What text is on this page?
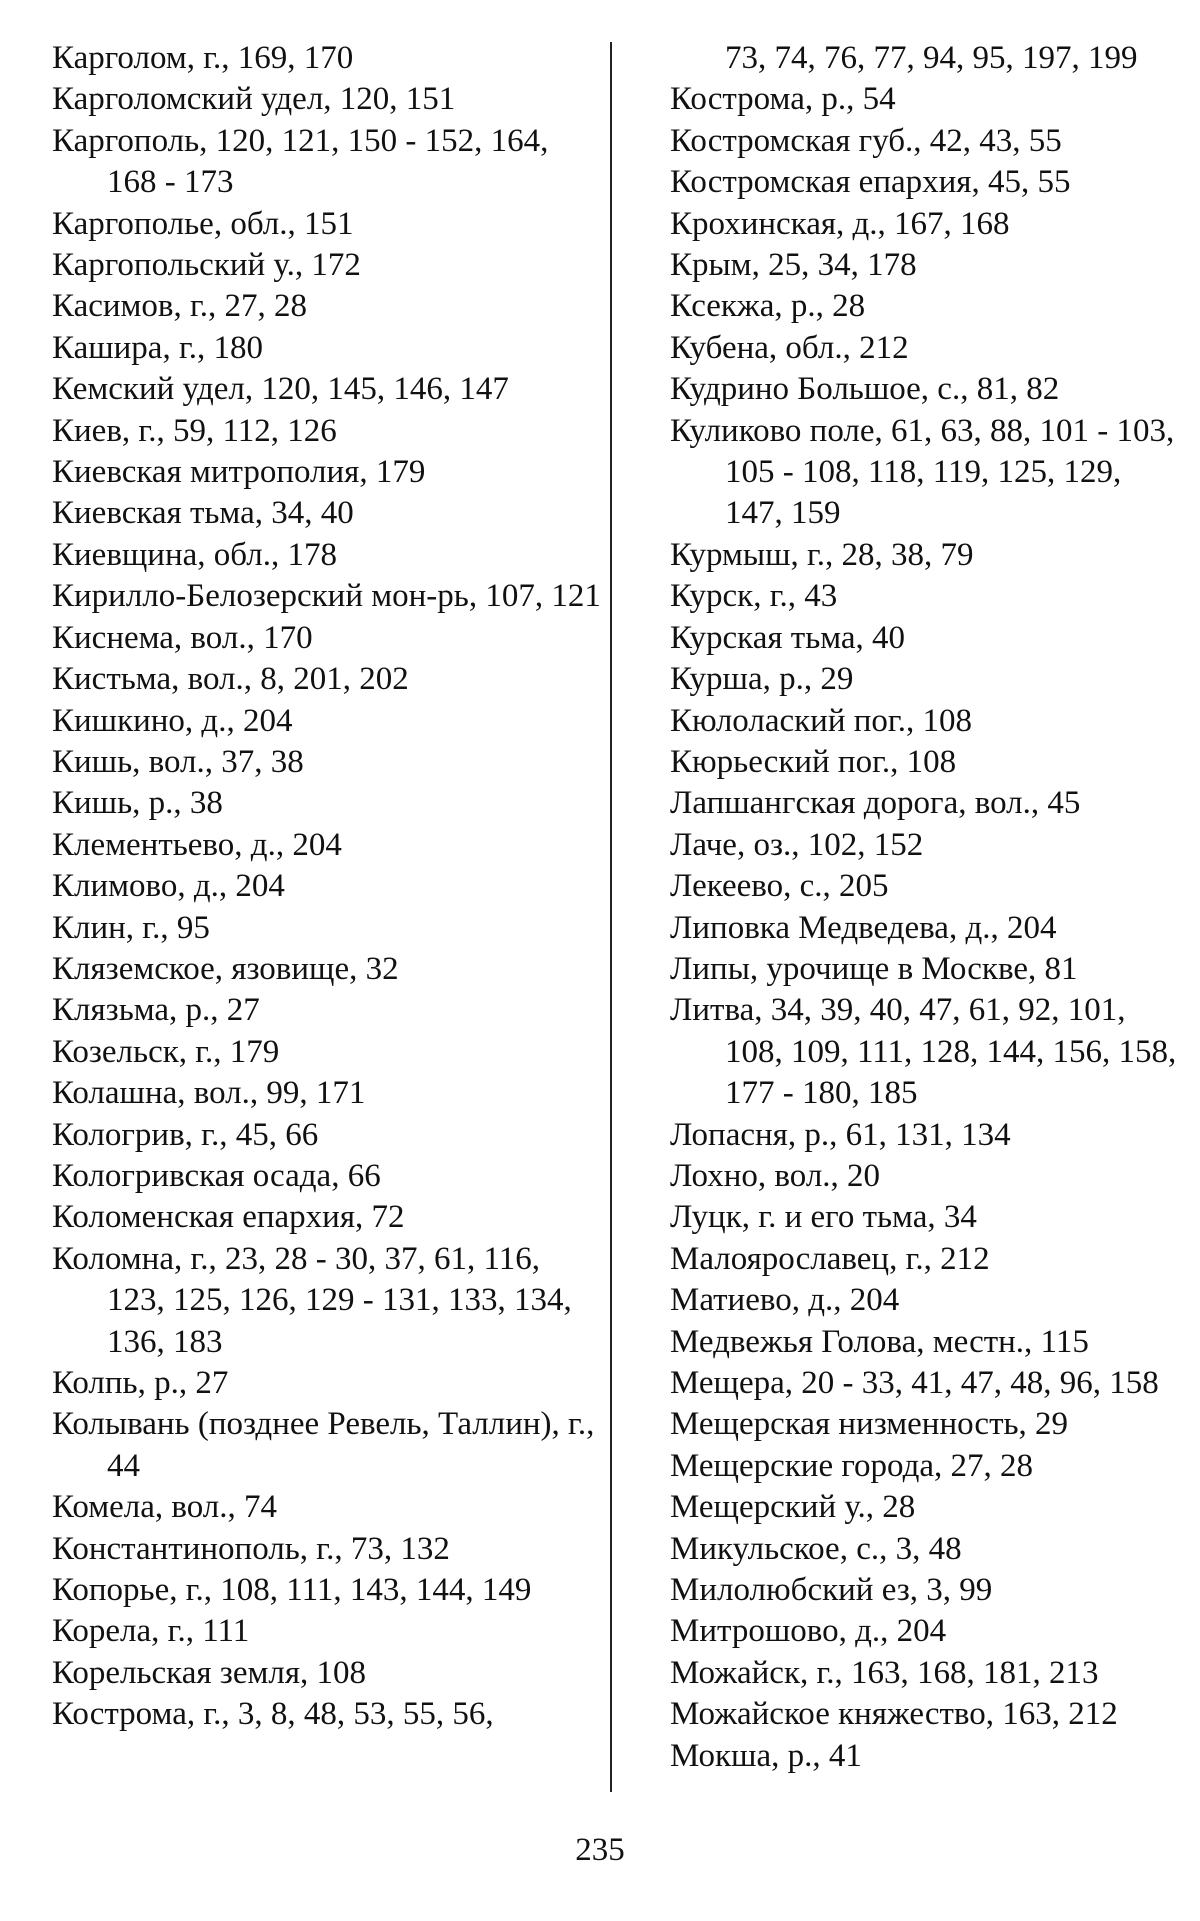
Карголом, г., 169, 170
Карголомский удел, 120, 151
Каргополь, 120, 121, 150 - 152, 164, 168 - 173
Каргополье, обл., 151
Каргопольский у., 172
Касимов, г., 27, 28
Кашира, г., 180
Кемский удел, 120, 145, 146, 147
Киев, г., 59, 112, 126
Киевская митрополия, 179
Киевская тьма, 34, 40
Киевщина, обл., 178
Кирилло-Белозерский мон-рь, 107, 121
Киснема, вол., 170
Кистьма, вол., 8, 201, 202
Кишкино, д., 204
Кишь, вол., 37, 38
Кишь, р., 38
Клементьево, д., 204
Климово, д., 204
Клин, г., 95
Кляземское, язовище, 32
Клязьма, р., 27
Козельск, г., 179
Колашна, вол., 99, 171
Кологрив, г., 45, 66
Кологривская осада, 66
Коломенская епархия, 72
Коломна, г., 23, 28 - 30, 37, 61, 116, 123, 125, 126, 129 - 131, 133, 134, 136, 183
Колпь, р., 27
Колывань (позднее Ревель, Таллин), г., 44
Комела, вол., 74
Константинополь, г., 73, 132
Копорье, г., 108, 111, 143, 144, 149
Корела, г., 111
Корельская земля, 108
Кострома, г., 3, 8, 48, 53, 55, 56,
73, 74, 76, 77, 94, 95, 197, 199
Кострома, р., 54
Костромская губ., 42, 43, 55
Костромская епархия, 45, 55
Крохинская, д., 167, 168
Крым, 25, 34, 178
Ксекжа, р., 28
Кубена, обл., 212
Кудрино Большое, с., 81, 82
Куликово поле, 61, 63, 88, 101 - 103, 105 - 108, 118, 119, 125, 129, 147, 159
Курмыш, г., 28, 38, 79
Курск, г., 43
Курская тьма, 40
Курша, р., 29
Кюлолаский пог., 108
Кюрьеский пог., 108
Лапшангская дорога, вол., 45
Лаче, оз., 102, 152
Лекеево, с., 205
Липовка Медведева, д., 204
Липы, урочище в Москве, 81
Литва, 34, 39, 40, 47, 61, 92, 101, 108, 109, 111, 128, 144, 156, 158, 177 - 180, 185
Лопасня, р., 61, 131, 134
Лохно, вол., 20
Луцк, г. и его тьма, 34
Малоярославец, г., 212
Матиево, д., 204
Медвежья Голова, местн., 115
Мещера, 20 - 33, 41, 47, 48, 96, 158
Мещерская низменность, 29
Мещерские города, 27, 28
Мещерский у., 28
Микульское, с., 3, 48
Милолюбский ез, 3, 99
Митрошово, д., 204
Можайск, г., 163, 168, 181, 213
Можайское княжество, 163, 212
Мокша, р., 41
235
